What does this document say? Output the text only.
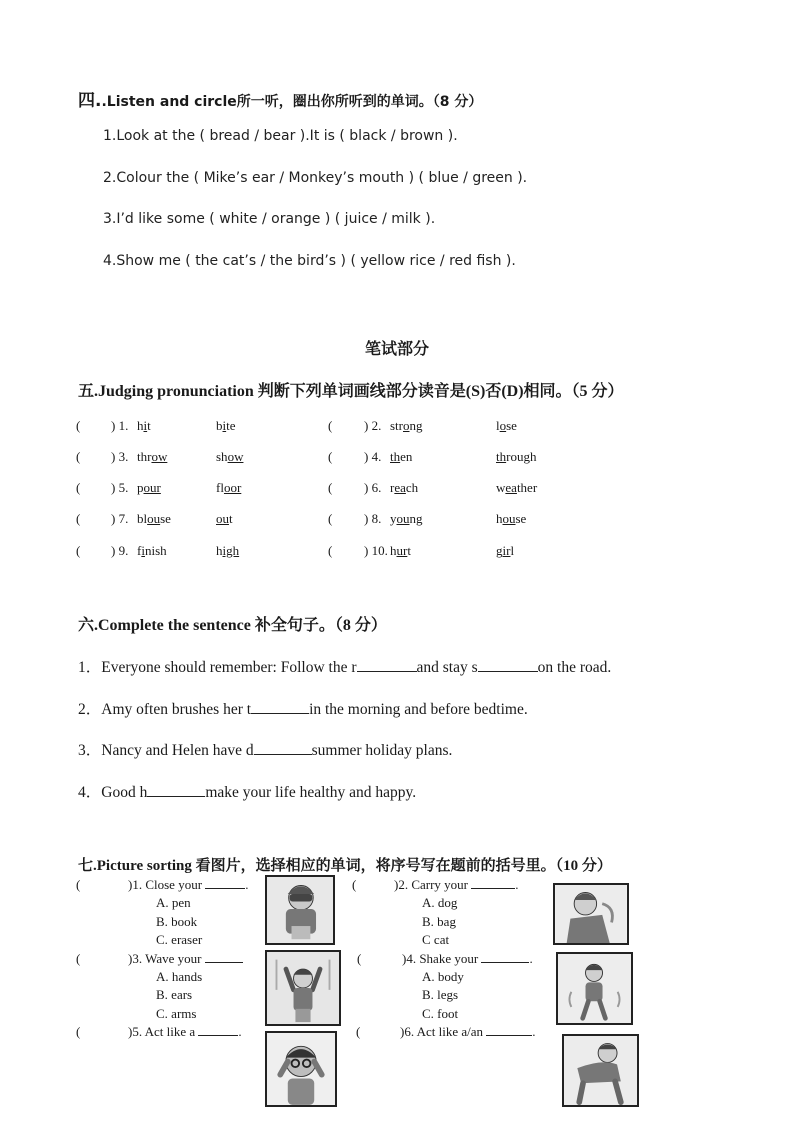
四..Listen and circle所一听，圈出你所听到的单词。（8 分）
1.Look at the ( bread / bear ).It is ( black / brown ).
2.Colour the ( Mike’s ear / Monkey’s mouth ) ( blue / green ).
3.I’d like some ( white / orange ) ( juice / milk ).
4.Show me ( the cat’s / the bird’s ) ( yellow rice / red fish ).
笔试部分
五.Judging pronunciation 判断下列单词画线部分读音是(S)否(D)相同。（5 分）
( ) 1. hit	bite	( ) 2. strong	lose
( ) 3. throw	show	( ) 4. then	through
( ) 5. pour	floor	( ) 6. reach	weather
( ) 7. blouse	out	( ) 8. young	house
( ) 9. finish	high	( ) 10. hurt	girl
六.Complete the sentence 补全句子。（8 分）
1．Everyone should remember: Follow the r	and stay s	on the road.
2．Amy often brushes her t	in the morning and before bedtime.
3．Nancy and Helen have d	summer holiday plans.
4．Good h	make your life healthy and happy.
七.Picture sorting 看图片，选择相应的单词，将序号写在题前的括号里。（10 分）
(	)1. Close your	.
A. pen
B. book
C. eraser
(	)2. Carry your	.
A. dog
B. bag
C cat
(	)3. Wave your
A. hands
B. ears
C. arms
(	)4. Shake your	.
A. body
B. legs
C. foot
(	)5. Act like a	.	(	)6. Act like a/an	.
